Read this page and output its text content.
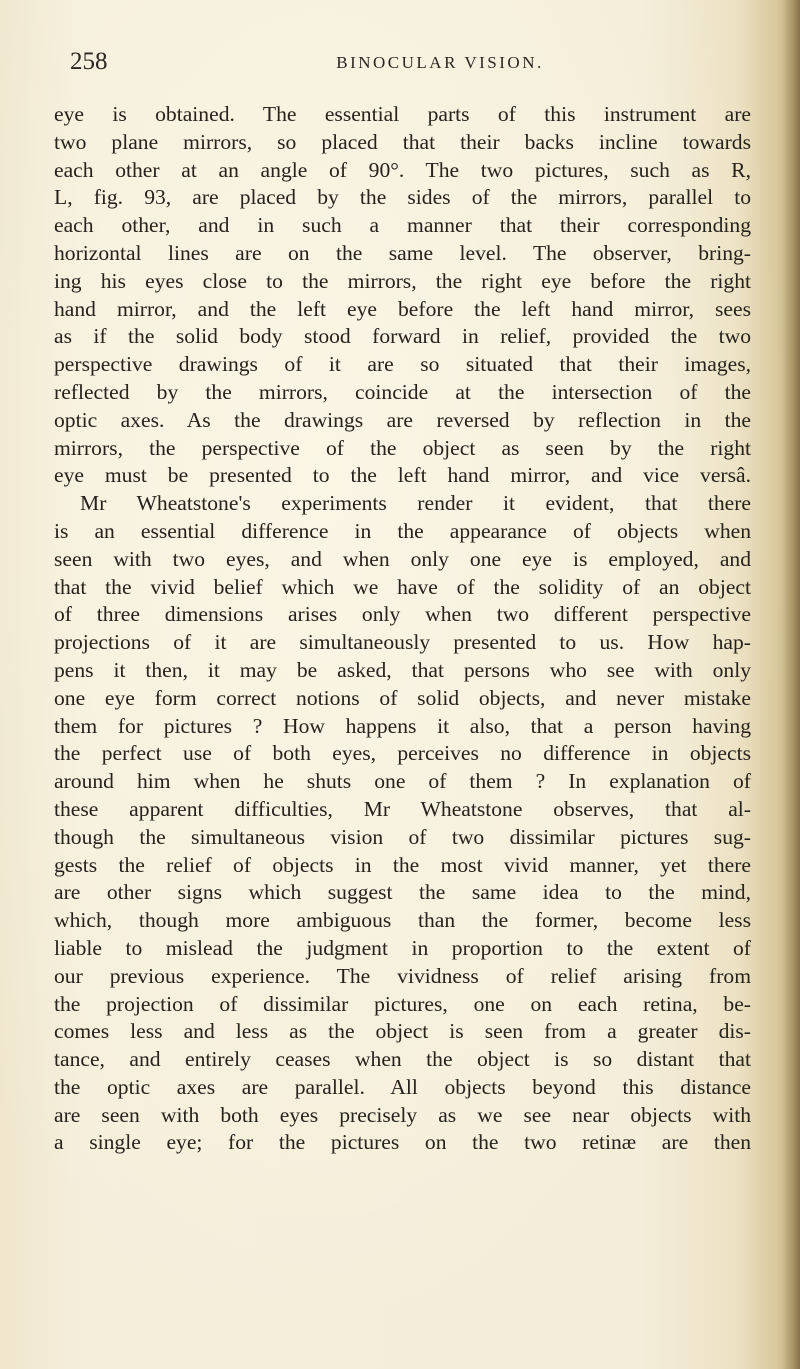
258	BINOCULAR VISION.
eye is obtained. The essential parts of this instrument are
two plane mirrors, so placed that their backs incline towards
each other at an angle of 90°. The two pictures, such as R,
L, fig. 93, are placed by the sides of the mirrors, parallel to
each other, and in such a manner that their corresponding
horizontal lines are on the same level. The observer, bring-
ing his eyes close to the mirrors, the right eye before the right
hand mirror, and the left eye before the left hand mirror, sees
as if the solid body stood forward in relief, provided the two
perspective drawings of it are so situated that their images,
reflected by the mirrors, coincide at the intersection of the
optic axes. As the drawings are reversed by reflection in the
mirrors, the perspective of the object as seen by the right
eye must be presented to the left hand mirror, and vice versâ.
Mr Wheatstone's experiments render it evident, that there
is an essential difference in the appearance of objects when
seen with two eyes, and when only one eye is employed, and
that the vivid belief which we have of the solidity of an object
of three dimensions arises only when two different perspective
projections of it are simultaneously presented to us. How hap-
pens it then, it may be asked, that persons who see with only
one eye form correct notions of solid objects, and never mistake
them for pictures ? How happens it also, that a person having
the perfect use of both eyes, perceives no difference in objects
around him when he shuts one of them ? In explanation of
these apparent difficulties, Mr Wheatstone observes, that al-
though the simultaneous vision of two dissimilar pictures sug-
gests the relief of objects in the most vivid manner, yet there
are other signs which suggest the same idea to the mind,
which, though more ambiguous than the former, become less
liable to mislead the judgment in proportion to the extent of
our previous experience. The vividness of relief arising from
the projection of dissimilar pictures, one on each retina, be-
comes less and less as the object is seen from a greater dis-
tance, and entirely ceases when the object is so distant that
the optic axes are parallel. All objects beyond this distance
are seen with both eyes precisely as we see near objects with
a single eye; for the pictures on the two retinæ are then
